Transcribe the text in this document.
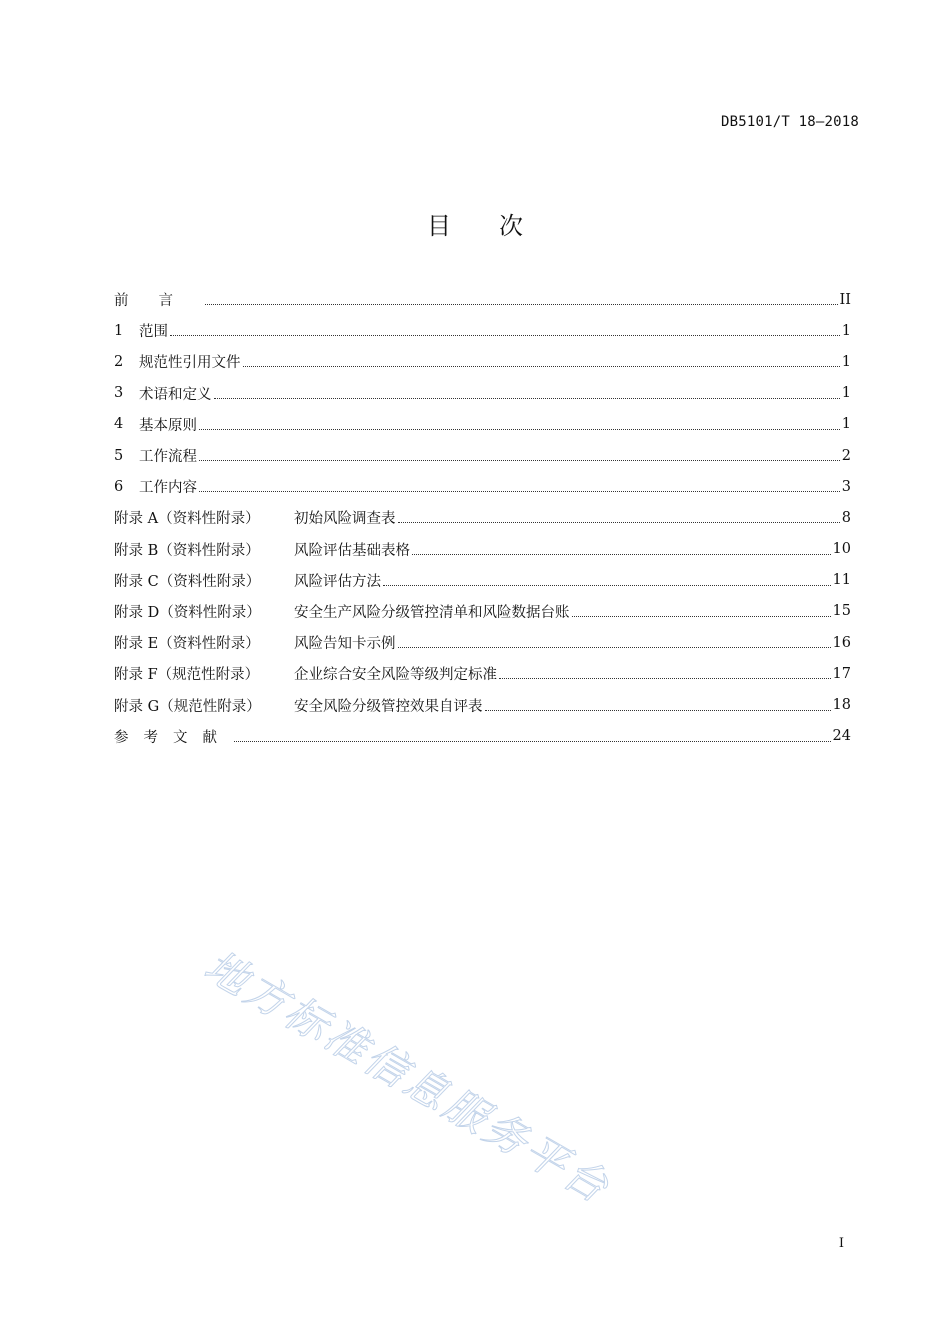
DB5101/T 18—2018
目次
前言	II
1	范围	1
2	规范性引用文件	1
3	术语和定义	1
4	基本原则	1
5	工作流程	2
6	工作内容	3
附录 A（资料性附录）	初始风险调查表	8
附录 B（资料性附录）	风险评估基础表格	10
附录 C（资料性附录）	风险评估方法	11
附录 D（资料性附录）	安全生产风险分级管控清单和风险数据台账	15
附录 E（资料性附录）	风险告知卡示例	16
附录 F（规范性附录）	企业综合安全风险等级判定标准	17
附录 G（规范性附录）	安全风险分级管控效果自评表	18
参考文献	24
地方标准信息服务平台
I
